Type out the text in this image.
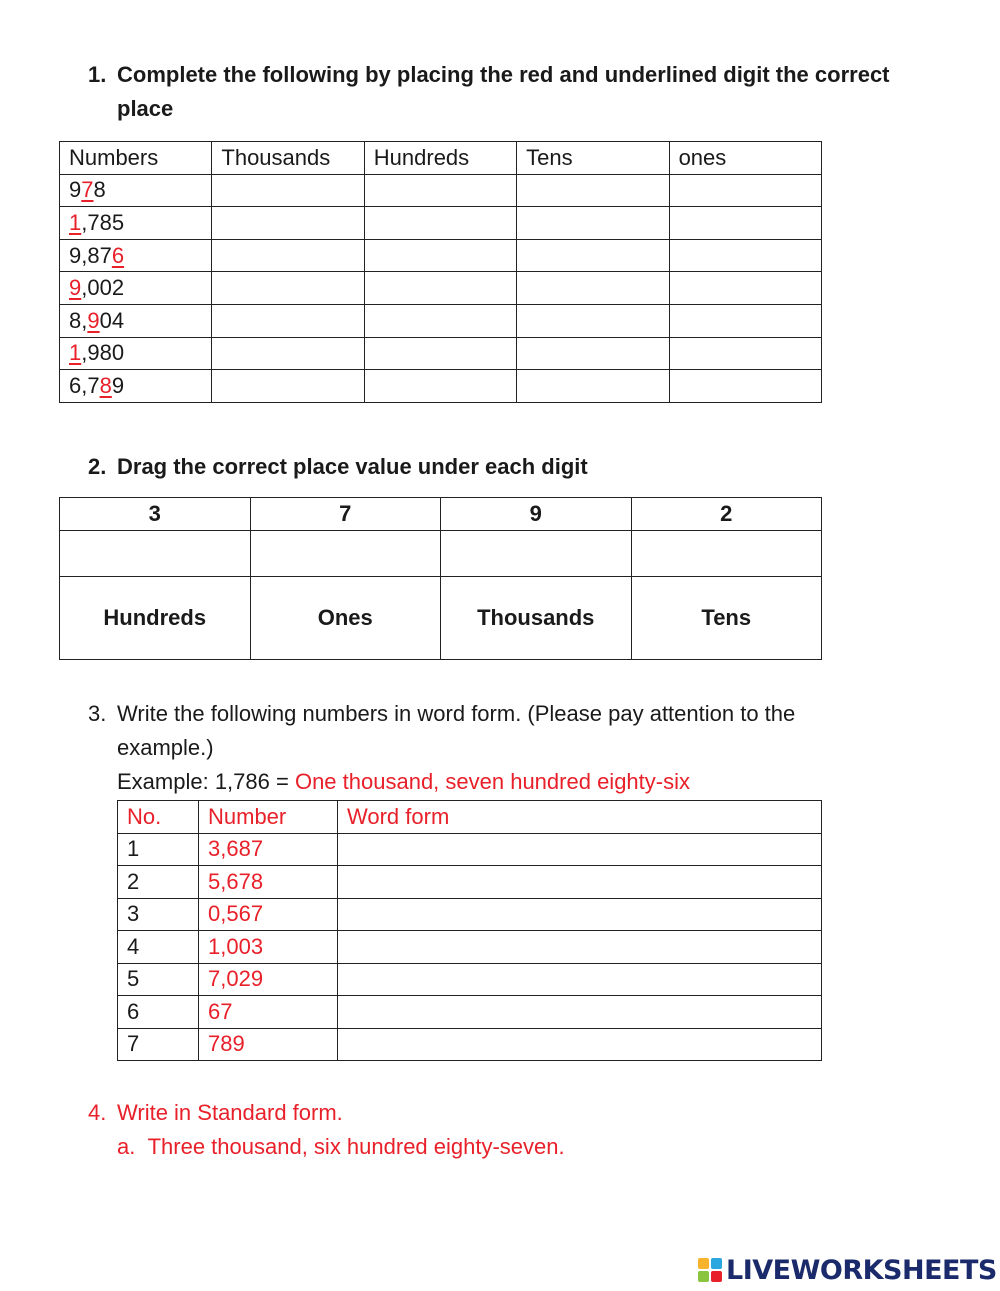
1. Complete the following by placing the red and underlined digit the correct
place
Numbers	Thousands	Hundreds	Tens	ones
978				
1,785				
9,876				
9,002				
8,904				
1,980				
6,789				
2. Drag the correct place value under each digit
3	7	9	2

Hundreds	Ones	Thousands	Tens
3. Write the following numbers in word form. (Please pay attention to the
example.)
Example: 1,786 = One thousand, seven hundred eighty-six
No.	Number	Word form
1	3,687	
2	5,678	
3	0,567	
4	1,003	
5	7,029	
6	67	
7	789	
4. Write in Standard form.
a. Three thousand, six hundred eighty-seven.
LIVEWORKSHEETS
